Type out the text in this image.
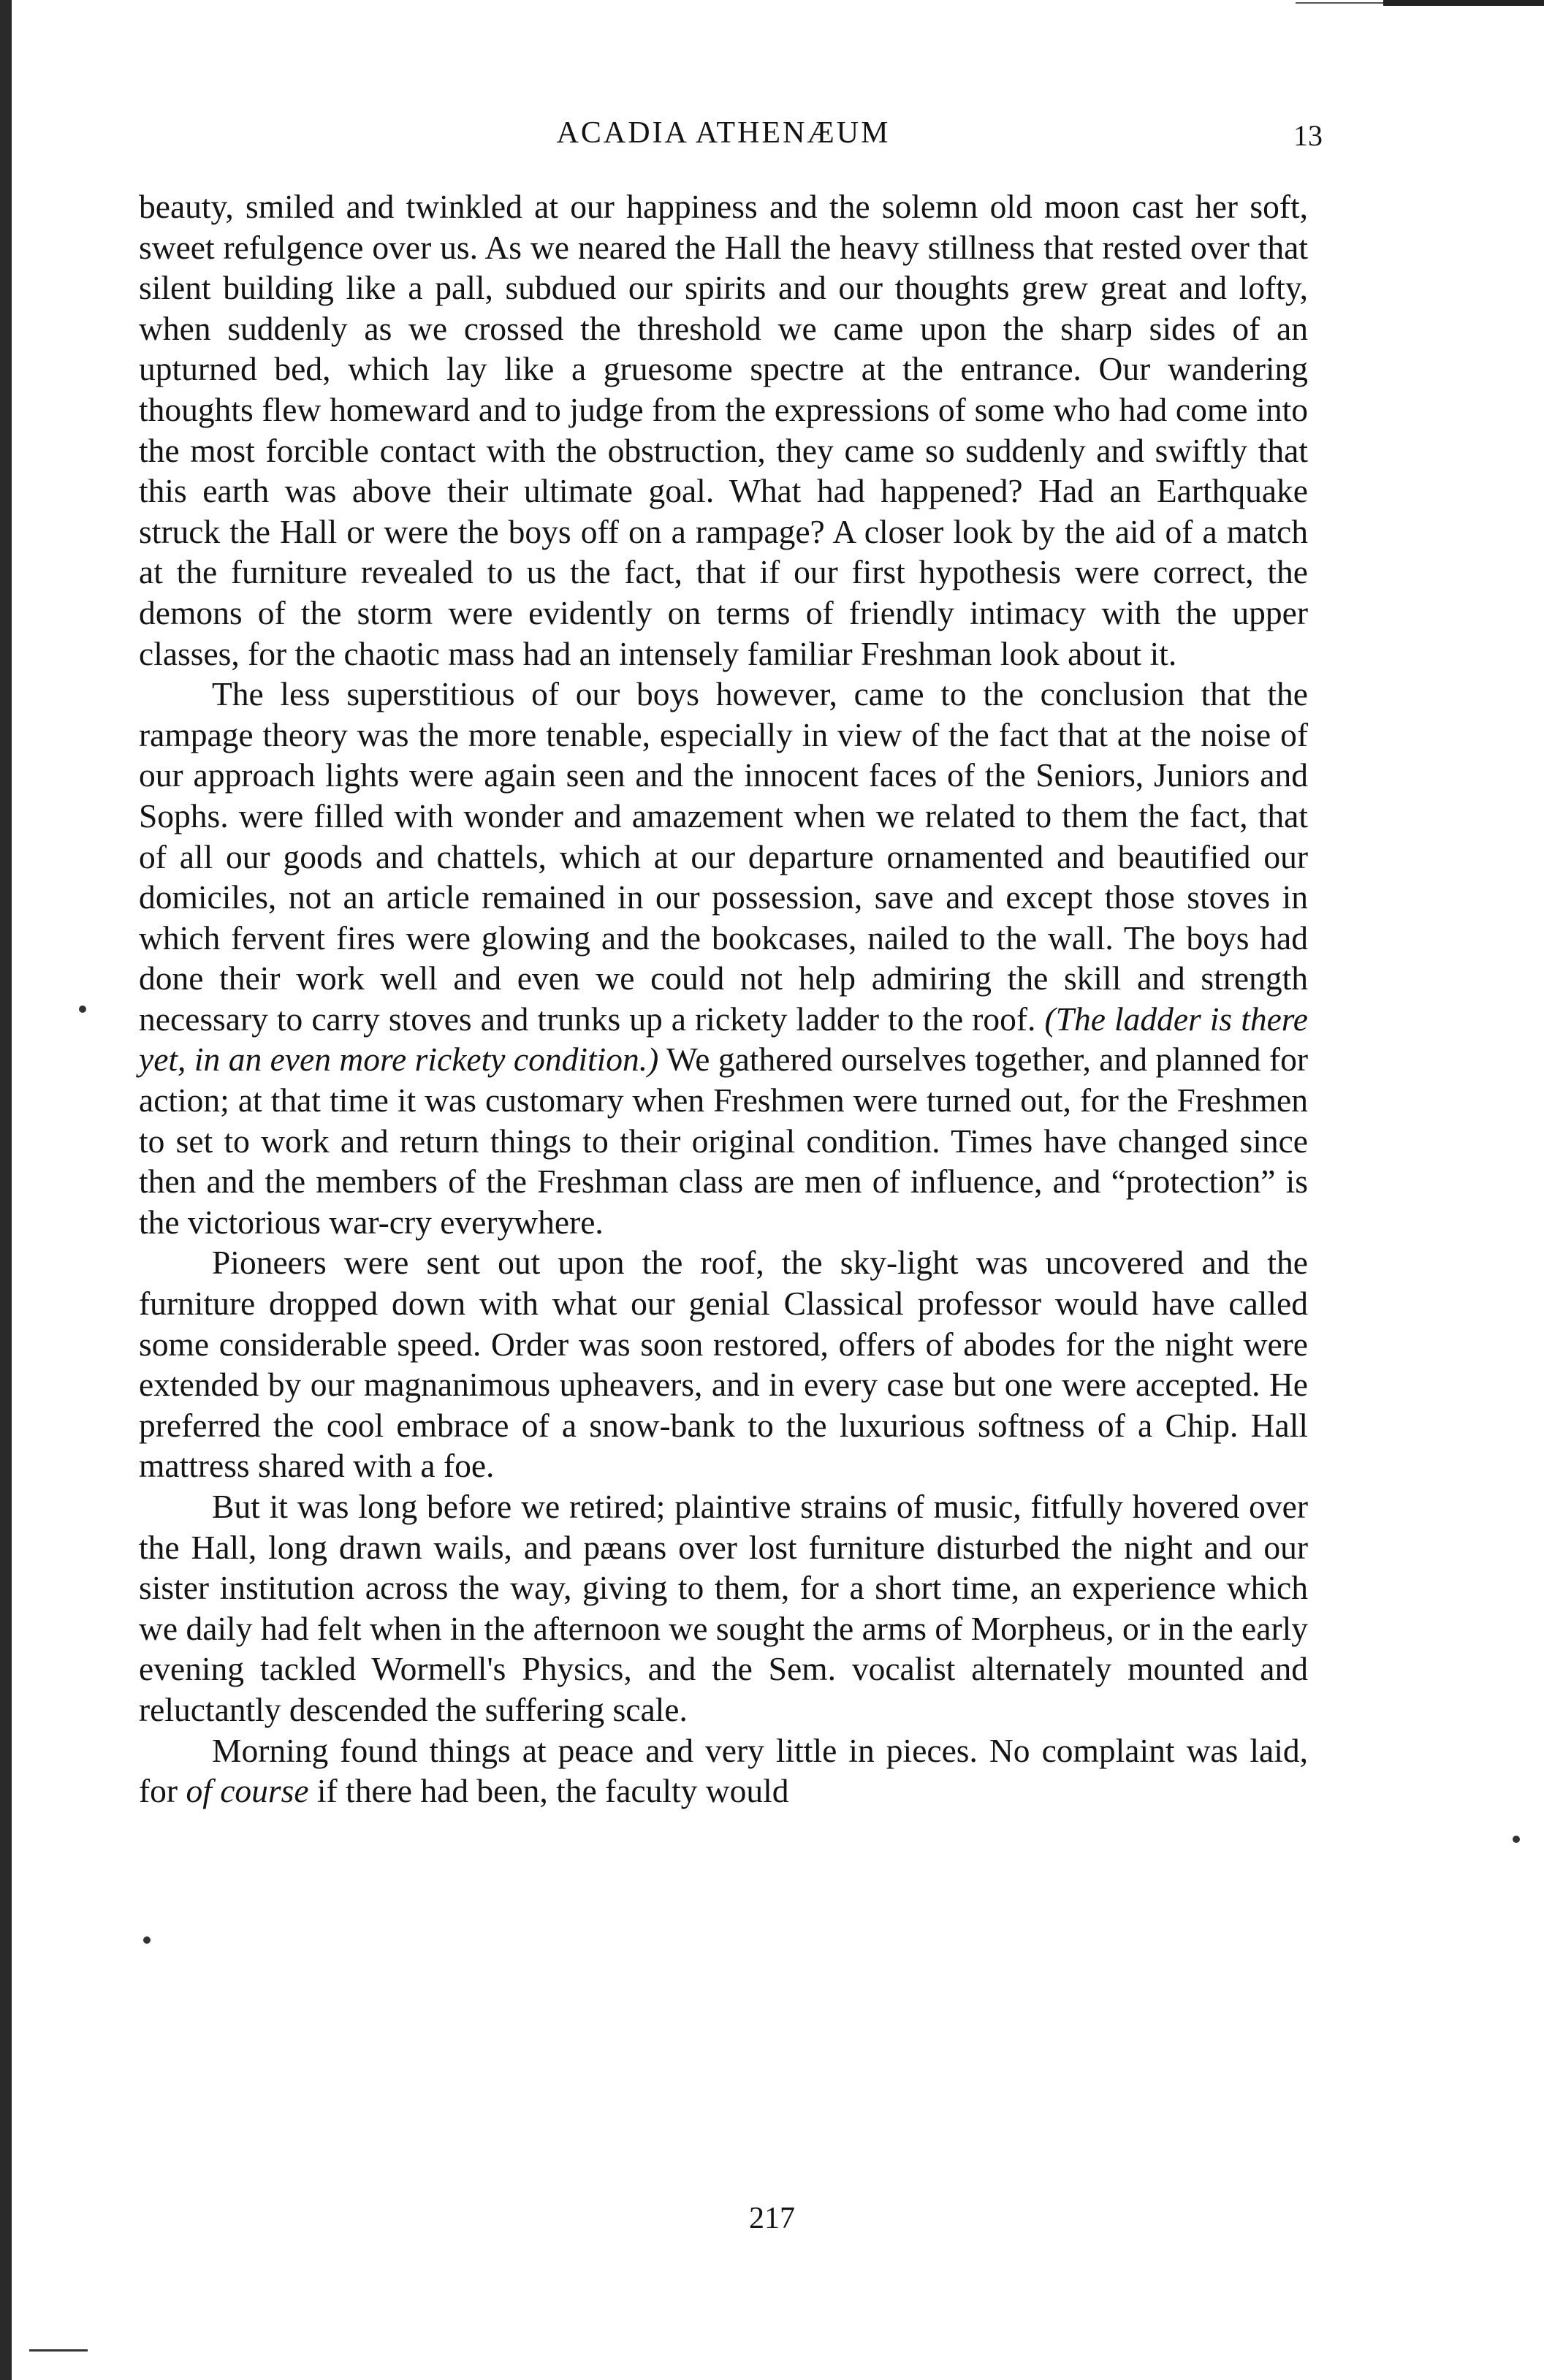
ACADIA ATHENÆUM	13

beauty, smiled and twinkled at our happiness and the solemn old moon cast her soft, sweet refulgence over us. As we neared the Hall the heavy stillness that rested over that silent building like a pall, subdued our spirits and our thoughts grew great and lofty, when suddenly as we crossed the threshold we came upon the sharp sides of an upturned bed, which lay like a gruesome spectre at the entrance. Our wandering thoughts flew homeward and to judge from the expressions of some who had come into the most forcible contact with the obstruction, they came so suddenly and swiftly that this earth was above their ultimate goal. What had happened? Had an Earthquake struck the Hall or were the boys off on a rampage? A closer look by the aid of a match at the furniture revealed to us the fact, that if our first hypothesis were correct, the demons of the storm were evidently on terms of friendly intimacy with the upper classes, for the chaotic mass had an intensely familiar Freshman look about it.

The less superstitious of our boys however, came to the conclusion that the rampage theory was the more tenable, especially in view of the fact that at the noise of our approach lights were again seen and the innocent faces of the Seniors, Juniors and Sophs. were filled with wonder and amazement when we related to them the fact, that of all our goods and chattels, which at our departure ornamented and beautified our domiciles, not an article remained in our possession, save and except those stoves in which fervent fires were glowing and the bookcases, nailed to the wall. The boys had done their work well and even we could not help admiring the skill and strength necessary to carry stoves and trunks up a rickety ladder to the roof. (The ladder is there yet, in an even more rickety condition.) We gathered ourselves together, and planned for action; at that time it was customary when Freshmen were turned out, for the Freshmen to set to work and return things to their original condition. Times have changed since then and the members of the Freshman class are men of influence, and “protection” is the victorious war-cry everywhere.

Pioneers were sent out upon the roof, the sky-light was uncovered and the furniture dropped down with what our genial Classical professor would have called some considerable speed. Order was soon restored, offers of abodes for the night were extended by our magnanimous upheavers, and in every case but one were accepted. He preferred the cool embrace of a snow-bank to the luxurious softness of a Chip. Hall mattress shared with a foe.

But it was long before we retired; plaintive strains of music, fitfully hovered over the Hall, long drawn wails, and pæans over lost furniture disturbed the night and our sister institution across the way, giving to them, for a short time, an experience which we daily had felt when in the afternoon we sought the arms of Morpheus, or in the early evening tackled Wormell's Physics, and the Sem. vocalist alternately mounted and reluctantly descended the suffering scale.

Morning found things at peace and very little in pieces. No complaint was laid, for of course if there had been, the faculty would

217
